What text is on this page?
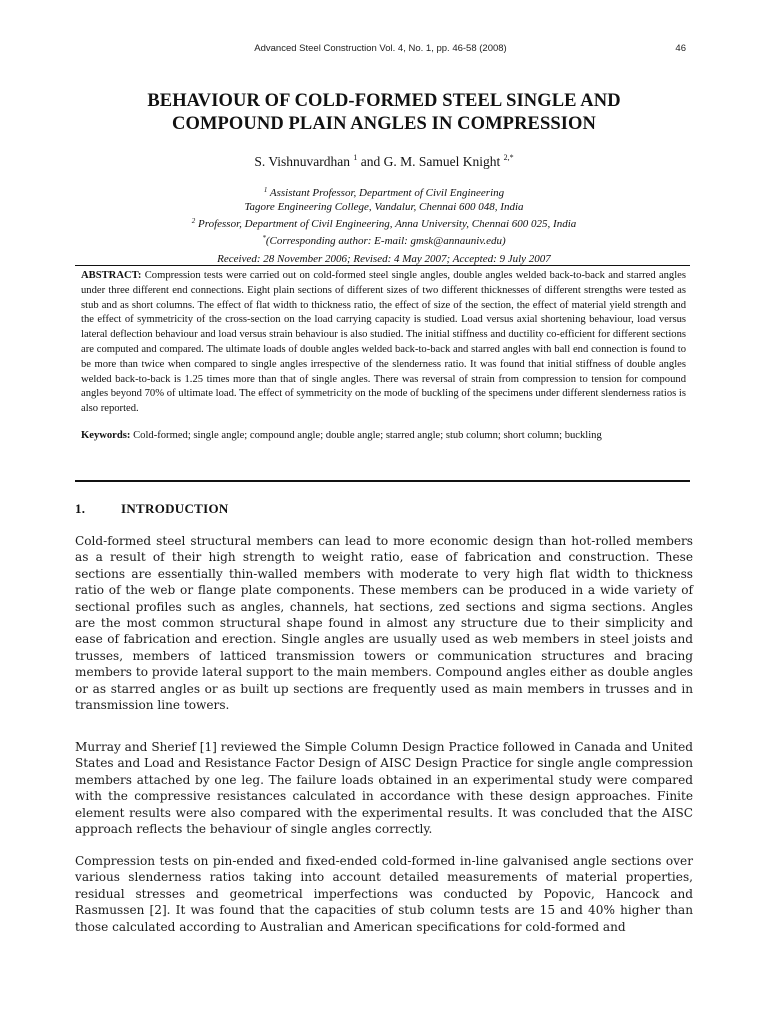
Advanced Steel Construction Vol. 4, No. 1, pp. 46-58 (2008)	46
BEHAVIOUR OF COLD-FORMED STEEL SINGLE AND
COMPOUND PLAIN ANGLES IN COMPRESSION
S. Vishnuvardhan $^1$ and G. M. Samuel Knight $^{2,*}$
$^1$ Assistant Professor, Department of Civil Engineering
Tagore Engineering College, Vandalur, Chennai 600 048, India
$^2$ Professor, Department of Civil Engineering, Anna University, Chennai 600 025, India
*(Corresponding author: E-mail: gmsk@annauniv.edu)
Received: 28 November 2006; Revised: 4 May 2007; Accepted: 9 July 2007
ABSTRACT: Compression tests were carried out on cold-formed steel single angles, double angles welded back-to-back and starred angles under three different end connections. Eight plain sections of different sizes of two different thicknesses of different strengths were tested as stub and as short columns. The effect of flat width to thickness ratio, the effect of size of the section, the effect of material yield strength and the effect of symmetricity of the cross-section on the load carrying capacity is studied. Load versus axial shortening behaviour, load versus lateral deflection behaviour and load versus strain behaviour is also studied. The initial stiffness and ductility co-efficient for different sections are computed and compared. The ultimate loads of double angles welded back-to-back and starred angles with ball end connection is found to be more than twice when compared to single angles irrespective of the slenderness ratio. It was found that initial stiffness of double angles welded back-to-back is 1.25 times more than that of single angles. There was reversal of strain from compression to tension for compound angles beyond 70% of ultimate load. The effect of symmetricity on the mode of buckling of the specimens under different slenderness ratios is also reported.
Keywords: Cold-formed; single angle; compound angle; double angle; starred angle; stub column; short column; buckling
1.	INTRODUCTION
Cold-formed steel structural members can lead to more economic design than hot-rolled members as a result of their high strength to weight ratio, ease of fabrication and construction. These sections are essentially thin-walled members with moderate to very high flat width to thickness ratio of the web or flange plate components. These members can be produced in a wide variety of sectional profiles such as angles, channels, hat sections, zed sections and sigma sections. Angles are the most common structural shape found in almost any structure due to their simplicity and ease of fabrication and erection. Single angles are usually used as web members in steel joists and trusses, members of latticed transmission towers or communication structures and bracing members to provide lateral support to the main members. Compound angles either as double angles or as starred angles or as built up sections are frequently used as main members in trusses and in transmission line towers.
Murray and Sherief [1] reviewed the Simple Column Design Practice followed in Canada and United States and Load and Resistance Factor Design of AISC Design Practice for single angle compression members attached by one leg. The failure loads obtained in an experimental study were compared with the compressive resistances calculated in accordance with these design approaches. Finite element results were also compared with the experimental results. It was concluded that the AISC approach reflects the behaviour of single angles correctly.
Compression tests on pin-ended and fixed-ended cold-formed in-line galvanised angle sections over various slenderness ratios taking into account detailed measurements of material properties, residual stresses and geometrical imperfections was conducted by Popovic, Hancock and Rasmussen [2]. It was found that the capacities of stub column tests are 15 and 40% higher than those calculated according to Australian and American specifications for cold-formed and
